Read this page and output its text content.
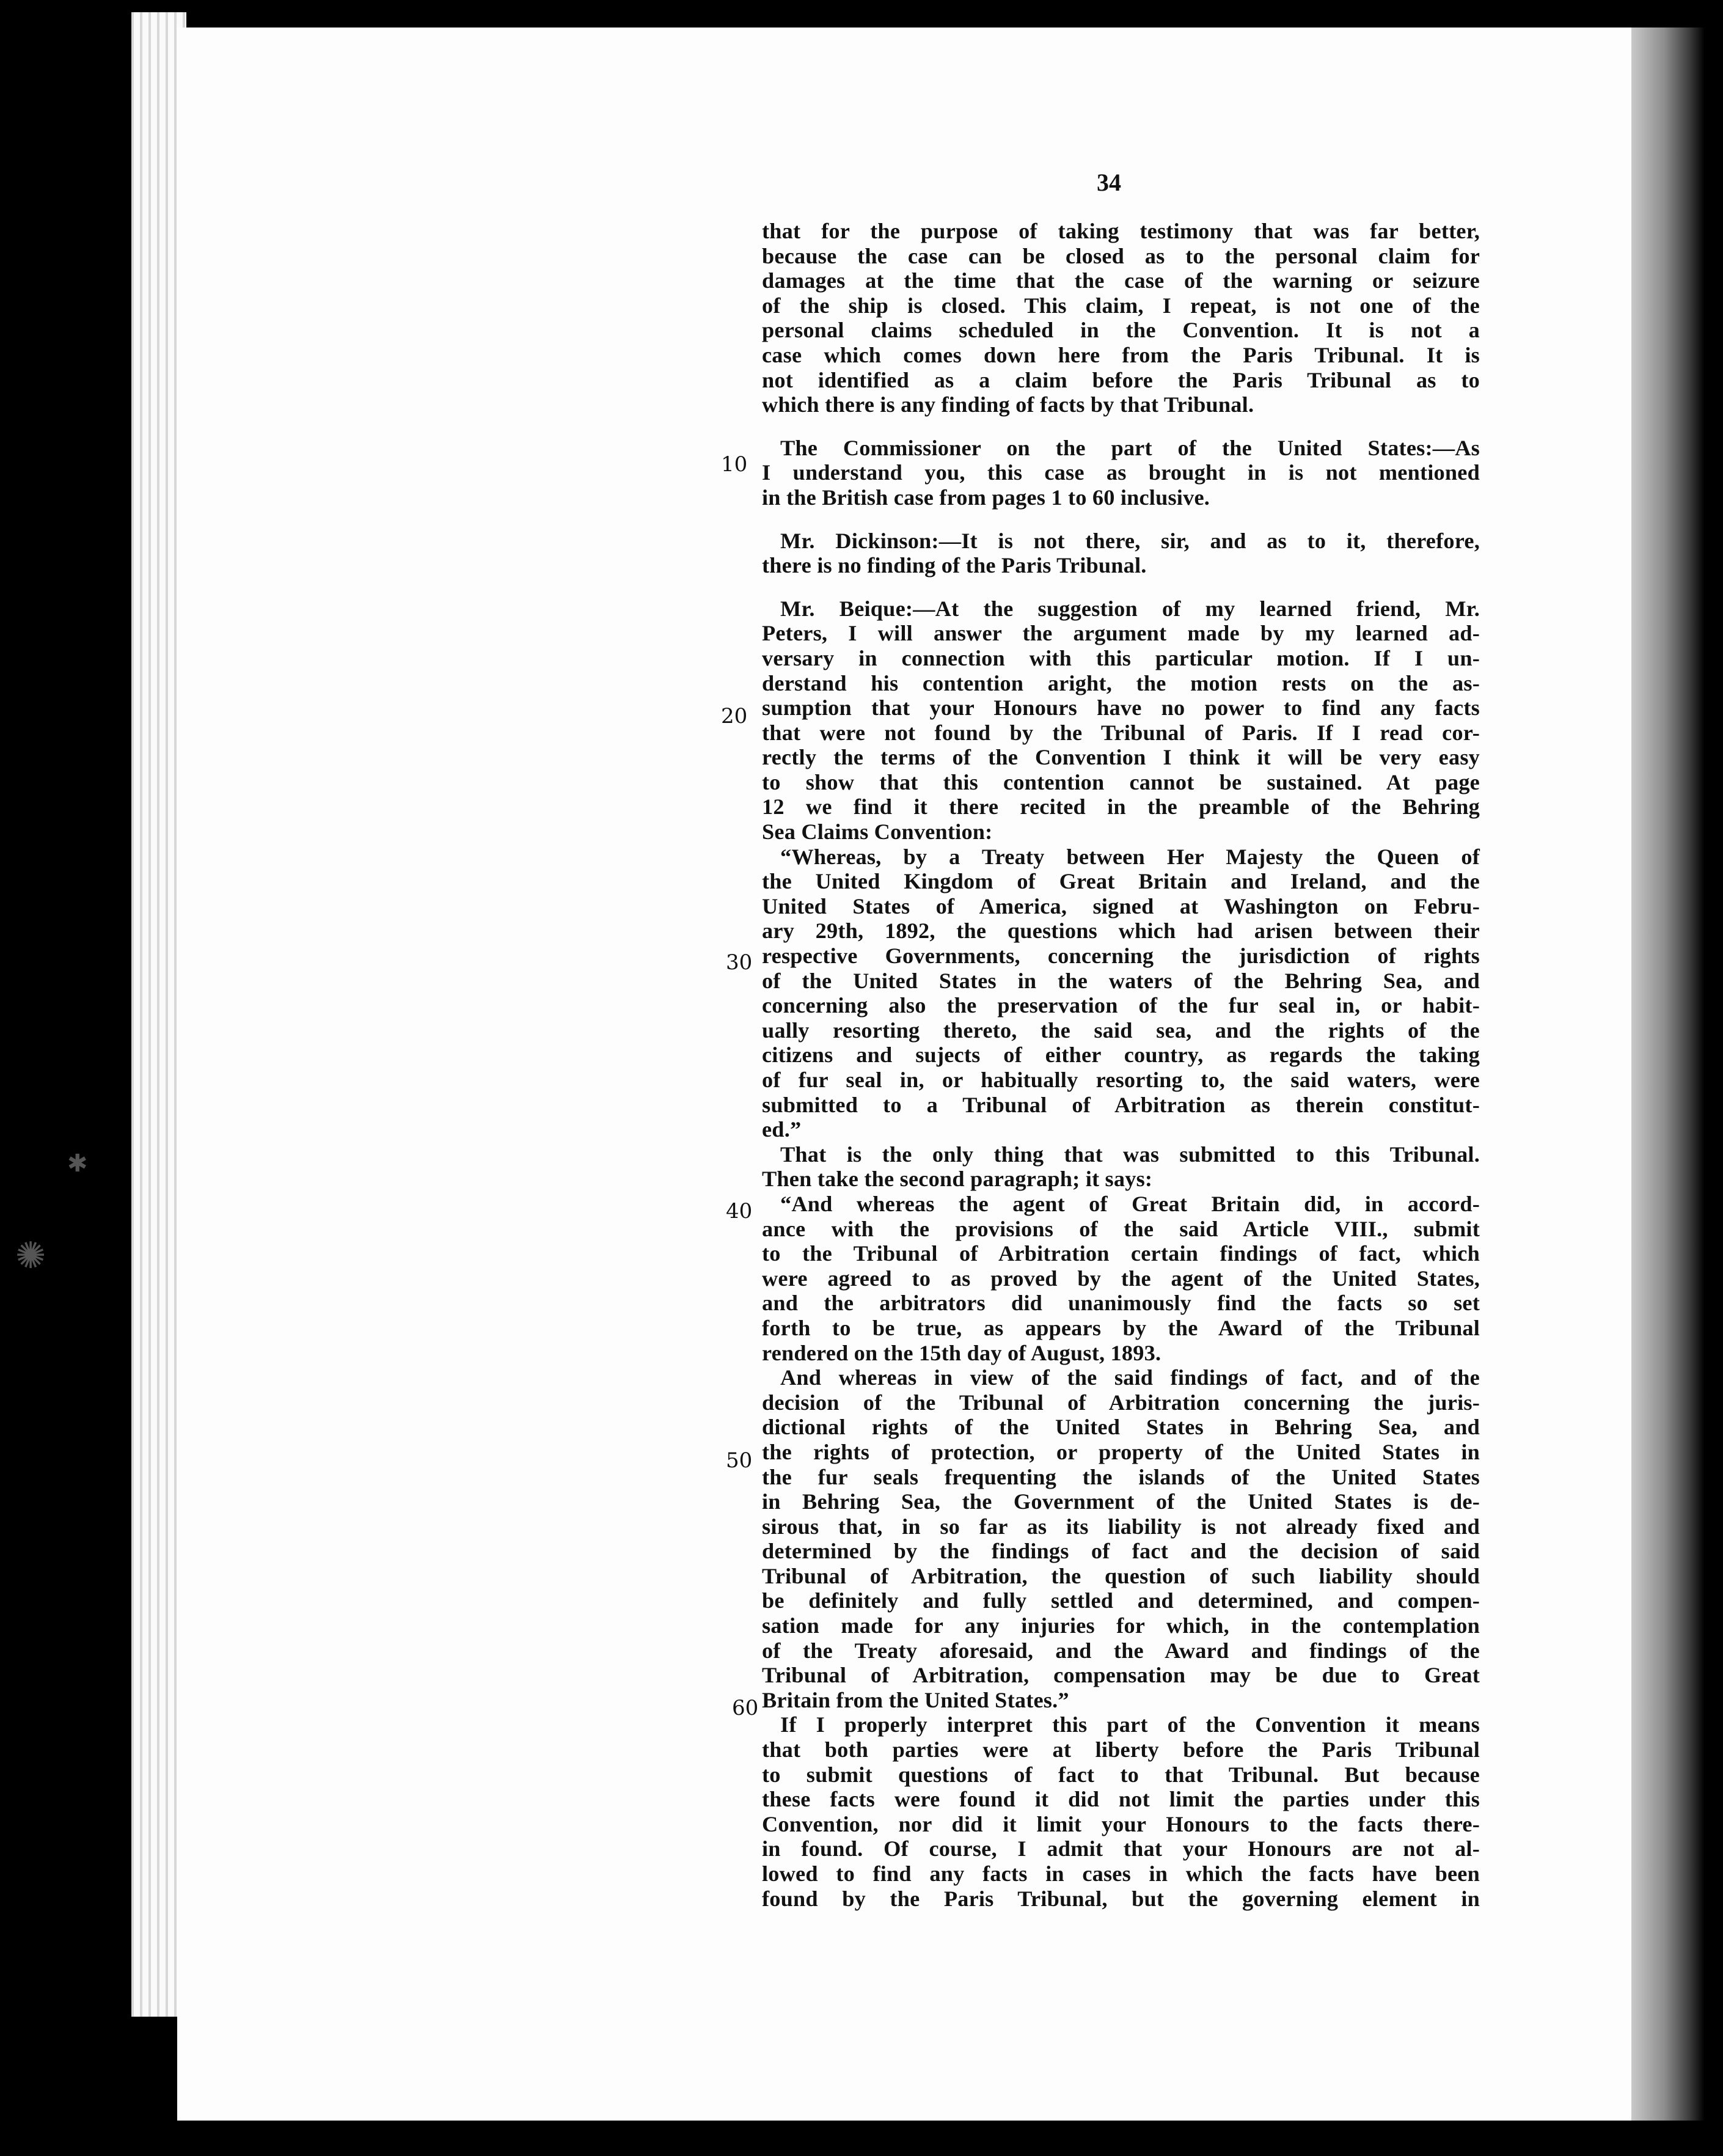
✱
✺
34
10
20
30
40
50
60
that for the purpose of taking testimony that was far better,
because the case can be closed as to the personal claim for
damages at the time that the case of the warning or seizure
of the ship is closed. This claim, I repeat, is not one of the
personal claims scheduled in the Convention. It is not a
case which comes down here from the Paris Tribunal. It is
not identified as a claim before the Paris Tribunal as to
which there is any finding of facts by that Tribunal.
The Commissioner on the part of the United States:—As
I understand you, this case as brought in is not mentioned
in the British case from pages 1 to 60 inclusive.
Mr. Dickinson:—It is not there, sir, and as to it, therefore,
there is no finding of the Paris Tribunal.
Mr. Beique:—At the suggestion of my learned friend, Mr.
Peters, I will answer the argument made by my learned ad-
versary in connection with this particular motion. If I un-
derstand his contention aright, the motion rests on the as-
sumption that your Honours have no power to find any facts
that were not found by the Tribunal of Paris. If I read cor-
rectly the terms of the Convention I think it will be very easy
to show that this contention cannot be sustained. At page
12 we find it there recited in the preamble of the Behring
Sea Claims Convention:
“Whereas, by a Treaty between Her Majesty the Queen of
the United Kingdom of Great Britain and Ireland, and the
United States of America, signed at Washington on Febru-
ary 29th, 1892, the questions which had arisen between their
respective Governments, concerning the jurisdiction of rights
of the United States in the waters of the Behring Sea, and
concerning also the preservation of the fur seal in, or habit-
ually resorting thereto, the said sea, and the rights of the
citizens and sujects of either country, as regards the taking
of fur seal in, or habitually resorting to, the said waters, were
submitted to a Tribunal of Arbitration as therein constitut-
ed.”
That is the only thing that was submitted to this Tribunal.
Then take the second paragraph; it says:
“And whereas the agent of Great Britain did, in accord-
ance with the provisions of the said Article VIII., submit
to the Tribunal of Arbitration certain findings of fact, which
were agreed to as proved by the agent of the United States,
and the arbitrators did unanimously find the facts so set
forth to be true, as appears by the Award of the Tribunal
rendered on the 15th day of August, 1893.
And whereas in view of the said findings of fact, and of the
decision of the Tribunal of Arbitration concerning the juris-
dictional rights of the United States in Behring Sea, and
the rights of protection, or property of the United States in
the fur seals frequenting the islands of the United States
in Behring Sea, the Government of the United States is de-
sirous that, in so far as its liability is not already fixed and
determined by the findings of fact and the decision of said
Tribunal of Arbitration, the question of such liability should
be definitely and fully settled and determined, and compen-
sation made for any injuries for which, in the contemplation
of the Treaty aforesaid, and the Award and findings of the
Tribunal of Arbitration, compensation may be due to Great
Britain from the United States.”
If I properly interpret this part of the Convention it means
that both parties were at liberty before the Paris Tribunal
to submit questions of fact to that Tribunal. But because
these facts were found it did not limit the parties under this
Convention, nor did it limit your Honours to the facts there-
in found. Of course, I admit that your Honours are not al-
lowed to find any facts in cases in which the facts have been
found by the Paris Tribunal, but the governing element in
